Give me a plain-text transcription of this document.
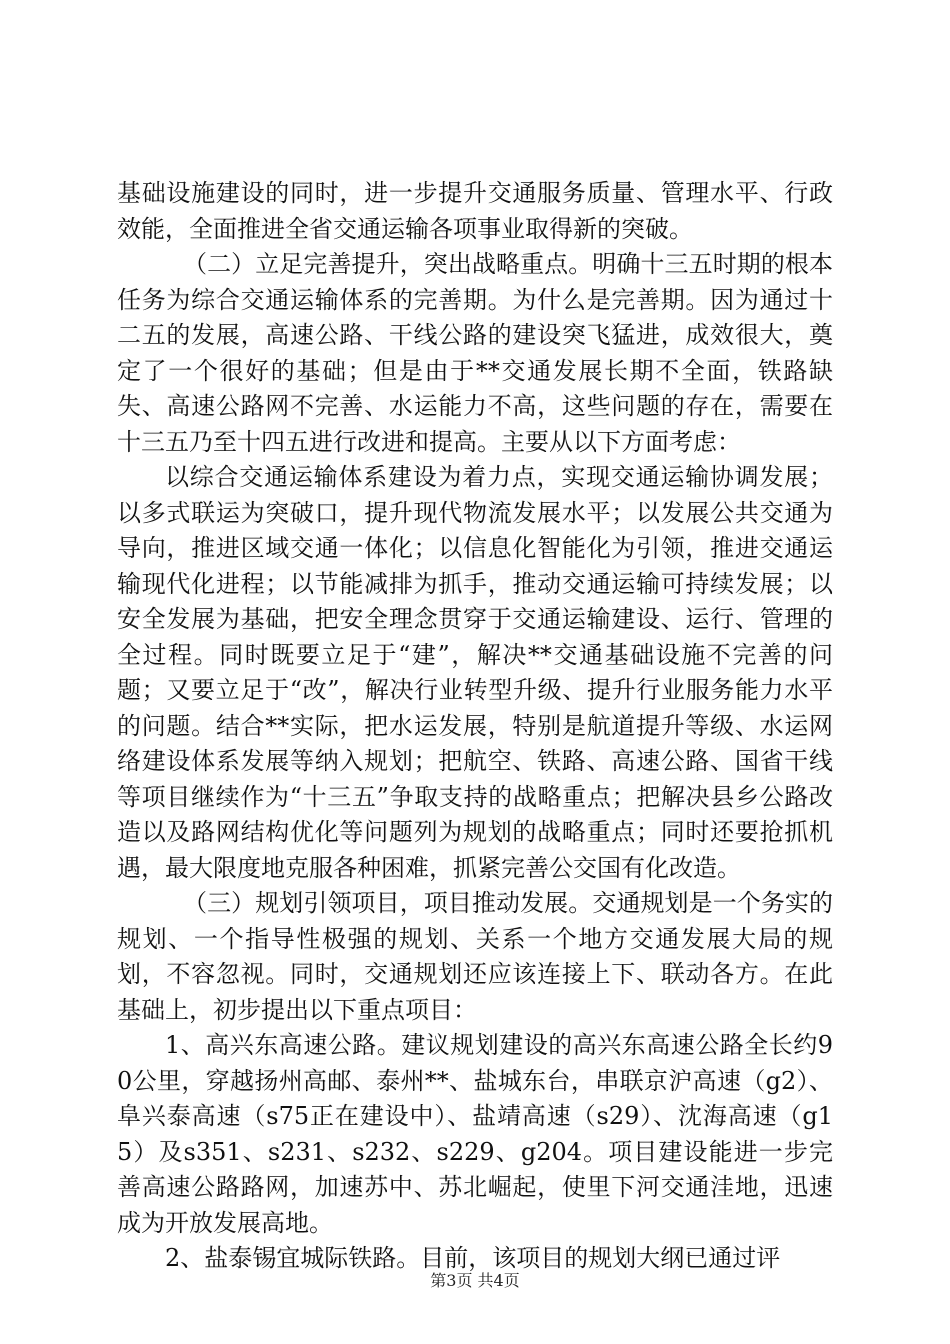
基础设施建设的同时，进一步提升交通服务质量、管理水平、行政效能，全面推进全省交通运输各项事业取得新的突破。

（二）立足完善提升，突出战略重点。明确十三五时期的根本任务为综合交通运输体系的完善期。为什么是完善期。因为通过十二五的发展，高速公路、干线公路的建设突飞猛进，成效很大，奠定了一个很好的基础；但是由于**交通发展长期不全面，铁路缺失、高速公路网不完善、水运能力不高，这些问题的存在，需要在十三五乃至十四五进行改进和提高。主要从以下方面考虑：

以综合交通运输体系建设为着力点，实现交通运输协调发展；以多式联运为突破口，提升现代物流发展水平；以发展公共交通为导向，推进区域交通一体化；以信息化智能化为引领，推进交通运输现代化进程；以节能减排为抓手，推动交通运输可持续发展；以安全发展为基础，把安全理念贯穿于交通运输建设、运行、管理的全过程。同时既要立足于“建”，解决**交通基础设施不完善的问题；又要立足于“改”，解决行业转型升级、提升行业服务能力水平的问题。结合**实际，把水运发展，特别是航道提升等级、水运网络建设体系发展等纳入规划；把航空、铁路、高速公路、国省干线等项目继续作为“十三五”争取支持的战略重点；把解决县乡公路改造以及路网结构优化等问题列为规划的战略重点；同时还要抢抓机遇，最大限度地克服各种困难，抓紧完善公交国有化改造。

（三）规划引领项目，项目推动发展。交通规划是一个务实的规划、一个指导性极强的规划、关系一个地方交通发展大局的规划，不容忽视。同时，交通规划还应该连接上下、联动各方。在此基础上，初步提出以下重点项目：

1、高兴东高速公路。建议规划建设的高兴东高速公路全长约90公里，穿越扬州高邮、泰州**、盐城东台，串联京沪高速（g2）、阜兴泰高速（s75正在建设中）、盐靖高速（s29）、沈海高速（g15）及s351、s231、s232、s229、g204。项目建设能进一步完善高速公路路网，加速苏中、苏北崛起，使里下河交通洼地，迅速成为开放发展高地。

2、盐泰锡宜城际铁路。目前，该项目的规划大纲已通过评

第3页 共4页
